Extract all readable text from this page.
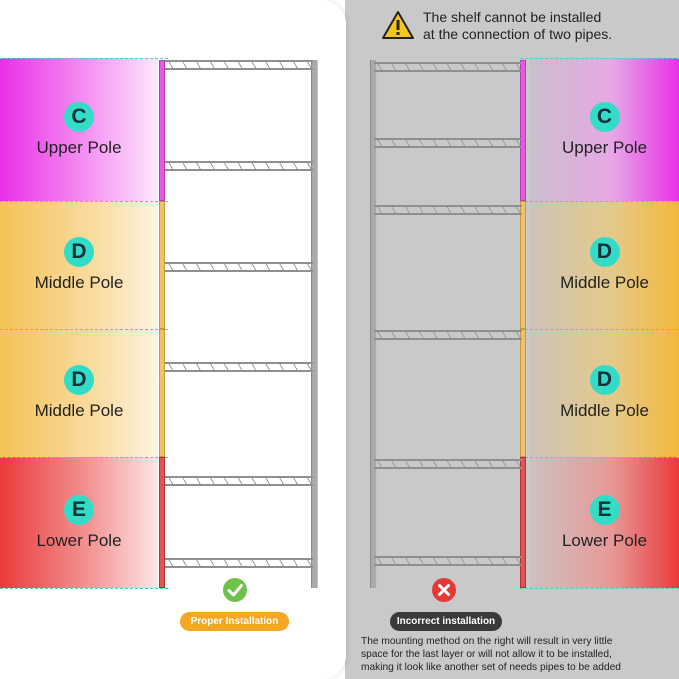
C
Upper Pole
D
Middle Pole
D
Middle Pole
E
Lower Pole
C
Upper Pole
D
Middle Pole
D
Middle Pole
E
Lower Pole
The shelf cannot be installed
at the connection of two pipes.
Proper Installation	Incorrect installation
The mounting method on the right will result in very little
space for the last layer or will not allow it to be installed,
making it look like another set of needs pipes to be added
